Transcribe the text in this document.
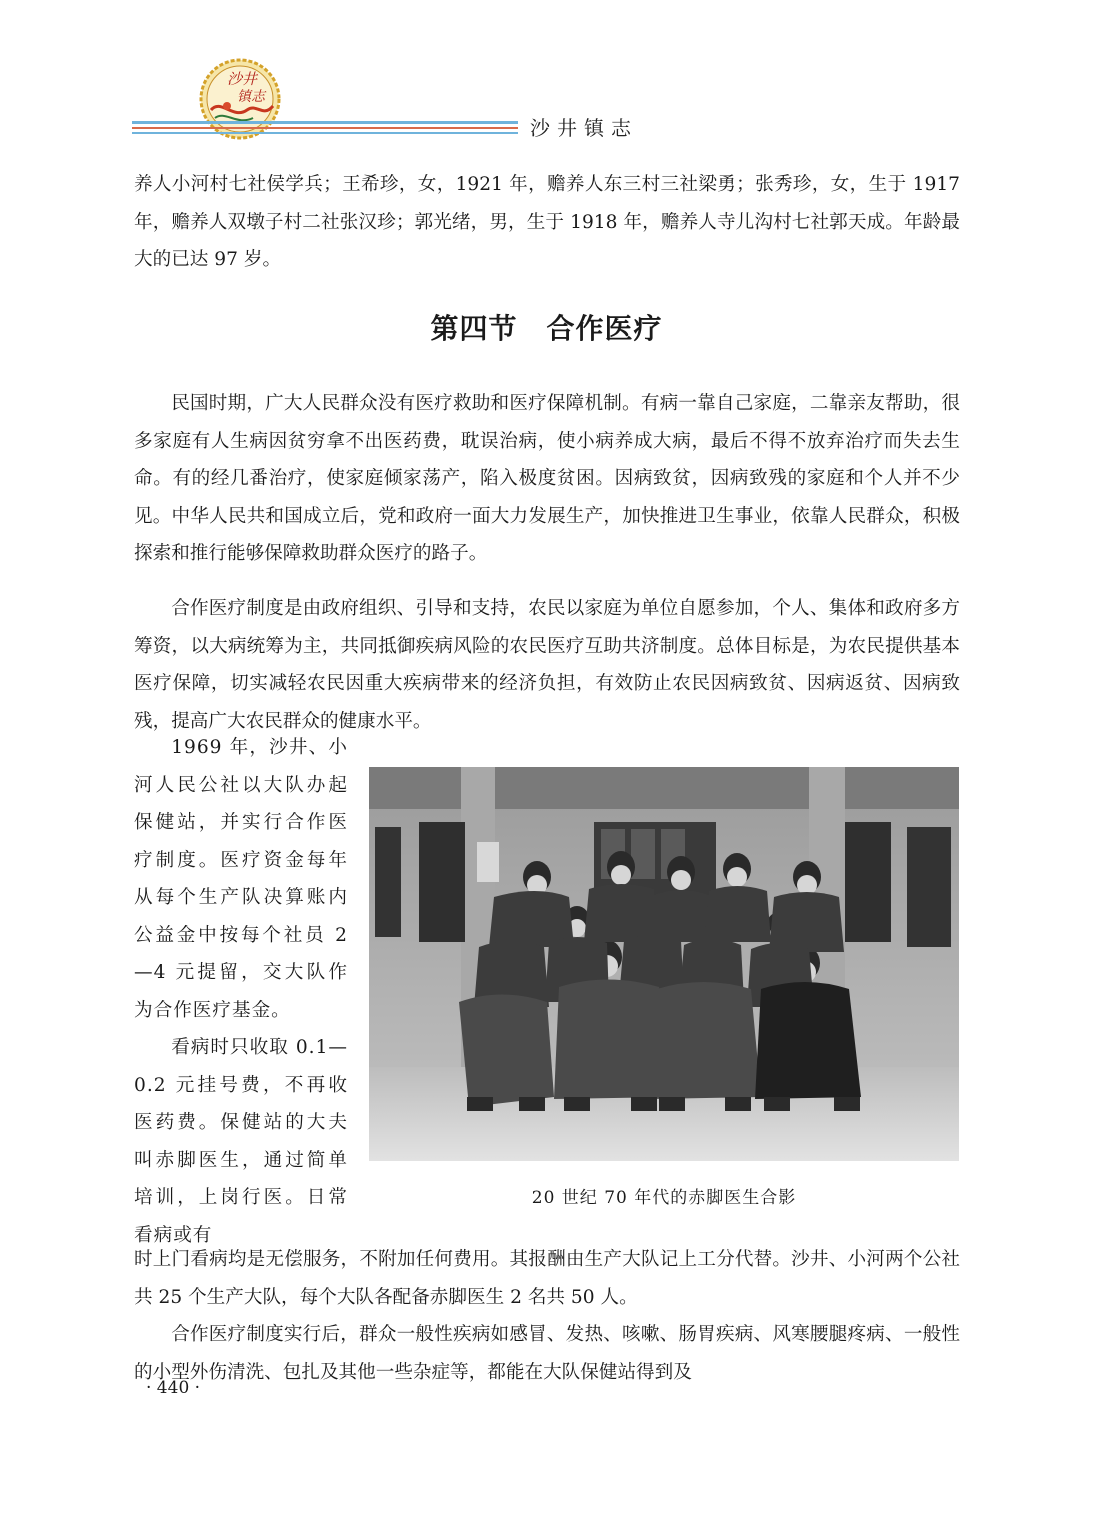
沙井
镇志
沙井镇志

养人小河村七社侯学兵；王希珍，女，1921 年，赡养人东三村三社梁勇；张秀珍，女，生于 1917 年，赡养人双墩子村二社张汉珍；郭光绪，男，生于 1918 年，赡养人寺儿沟村七社郭天成。年龄最大的已达 97 岁。

第四节　合作医疗

民国时期，广大人民群众没有医疗救助和医疗保障机制。有病一靠自己家庭，二靠亲友帮助，很多家庭有人生病因贫穷拿不出医药费，耽误治病，使小病养成大病，最后不得不放弃治疗而失去生命。有的经几番治疗，使家庭倾家荡产，陷入极度贫困。因病致贫，因病致残的家庭和个人并不少见。中华人民共和国成立后，党和政府一面大力发展生产，加快推进卫生事业，依靠人民群众，积极探索和推行能够保障救助群众医疗的路子。

合作医疗制度是由政府组织、引导和支持，农民以家庭为单位自愿参加，个人、集体和政府多方筹资，以大病统筹为主，共同抵御疾病风险的农民医疗互助共济制度。总体目标是，为农民提供基本医疗保障，切实减轻农民因重大疾病带来的经济负担，有效防止农民因病致贫、因病返贫、因病致残，提高广大农民群众的健康水平。

1969 年，沙井、小河人民公社以大队办起保健站，并实行合作医疗制度。医疗资金每年从每个生产队决算账内公益金中按每个社员 2—4 元提留，交大队作为合作医疗基金。

看病时只收取 0.1—0.2 元挂号费，不再收医药费。保健站的大夫叫赤脚医生，通过简单培训，上岗行医。日常看病或有

20 世纪 70 年代的赤脚医生合影

时上门看病均是无偿服务，不附加任何费用。其报酬由生产大队记上工分代替。沙井、小河两个公社共 25 个生产大队，每个大队各配备赤脚医生 2 名共 50 人。

合作医疗制度实行后，群众一般性疾病如感冒、发热、咳嗽、肠胃疾病、风寒腰腿疼病、一般性的小型外伤清洗、包扎及其他一些杂症等，都能在大队保健站得到及

· 440 ·
